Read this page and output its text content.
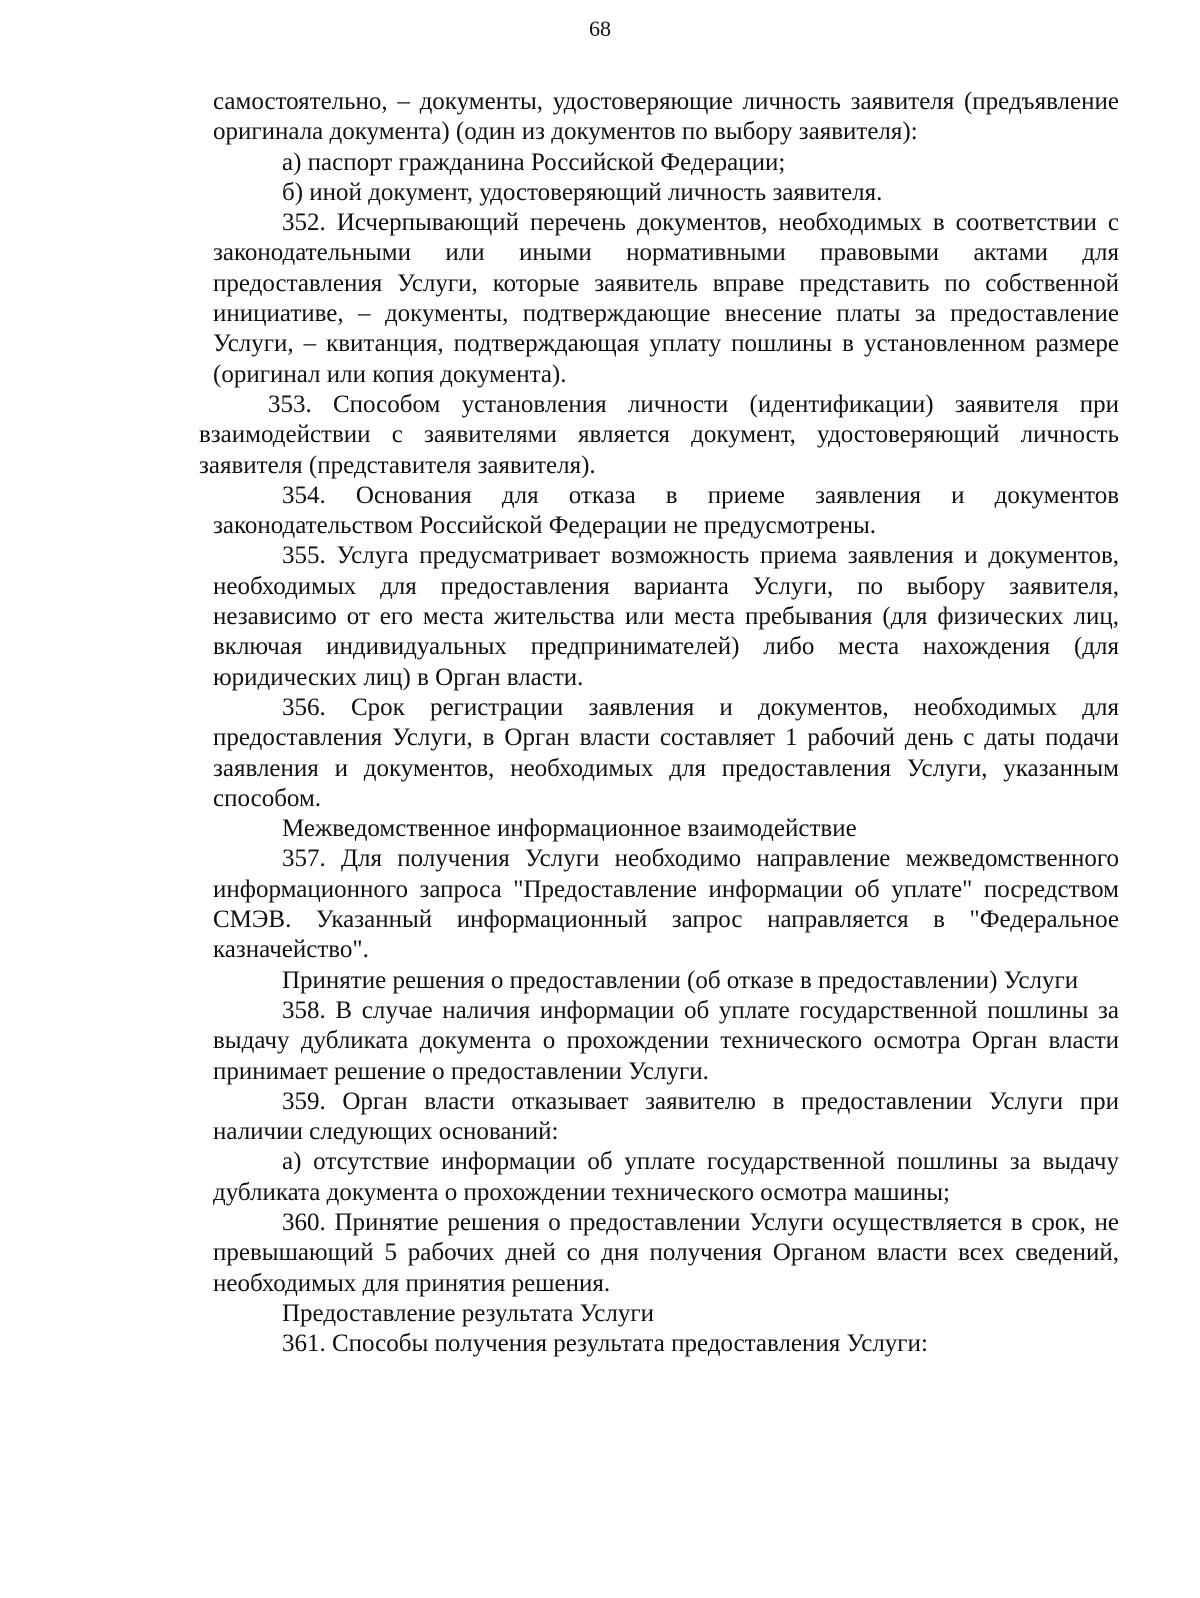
68

самостоятельно, – документы, удостоверяющие личность заявителя (предъявление оригинала документа) (один из документов по выбору заявителя):

а) паспорт гражданина Российской Федерации;

б) иной документ, удостоверяющий личность заявителя.

352. Исчерпывающий перечень документов, необходимых в соответствии с законодательными или иными нормативными правовыми актами для предоставления Услуги, которые заявитель вправе представить по собственной инициативе, – документы, подтверждающие внесение платы за предоставление Услуги, – квитанция, подтверждающая уплату пошлины в установленном размере (оригинал или копия документа).

353. Способом установления личности (идентификации) заявителя при взаимодействии с заявителями является документ, удостоверяющий личность заявителя (представителя заявителя).

354. Основания для отказа в приеме заявления и документов законодательством Российской Федерации не предусмотрены.

355. Услуга предусматривает возможность приема заявления и документов, необходимых для предоставления варианта Услуги, по выбору заявителя, независимо от его места жительства или места пребывания (для физических лиц, включая индивидуальных предпринимателей) либо места нахождения (для юридических лиц) в Орган власти.

356. Срок регистрации заявления и документов, необходимых для предоставления Услуги, в Орган власти составляет 1 рабочий день с даты подачи заявления и документов, необходимых для предоставления Услуги, указанным способом.

Межведомственное информационное взаимодействие

357. Для получения Услуги необходимо направление межведомственного информационного запроса "Предоставление информации об уплате" посредством СМЭВ. Указанный информационный запрос направляется в "Федеральное казначейство".

Принятие решения о предоставлении (об отказе в предоставлении) Услуги

358. В случае наличия информации об уплате государственной пошлины за выдачу дубликата документа о прохождении технического осмотра Орган власти принимает решение о предоставлении Услуги.

359. Орган власти отказывает заявителю в предоставлении Услуги при наличии следующих оснований:

а) отсутствие информации об уплате государственной пошлины за выдачу дубликата документа о прохождении технического осмотра машины;

360. Принятие решения о предоставлении Услуги осуществляется в срок, не превышающий 5 рабочих дней со дня получения Органом власти всех сведений, необходимых для принятия решения.

Предоставление результата Услуги

361. Способы получения результата предоставления Услуги:
